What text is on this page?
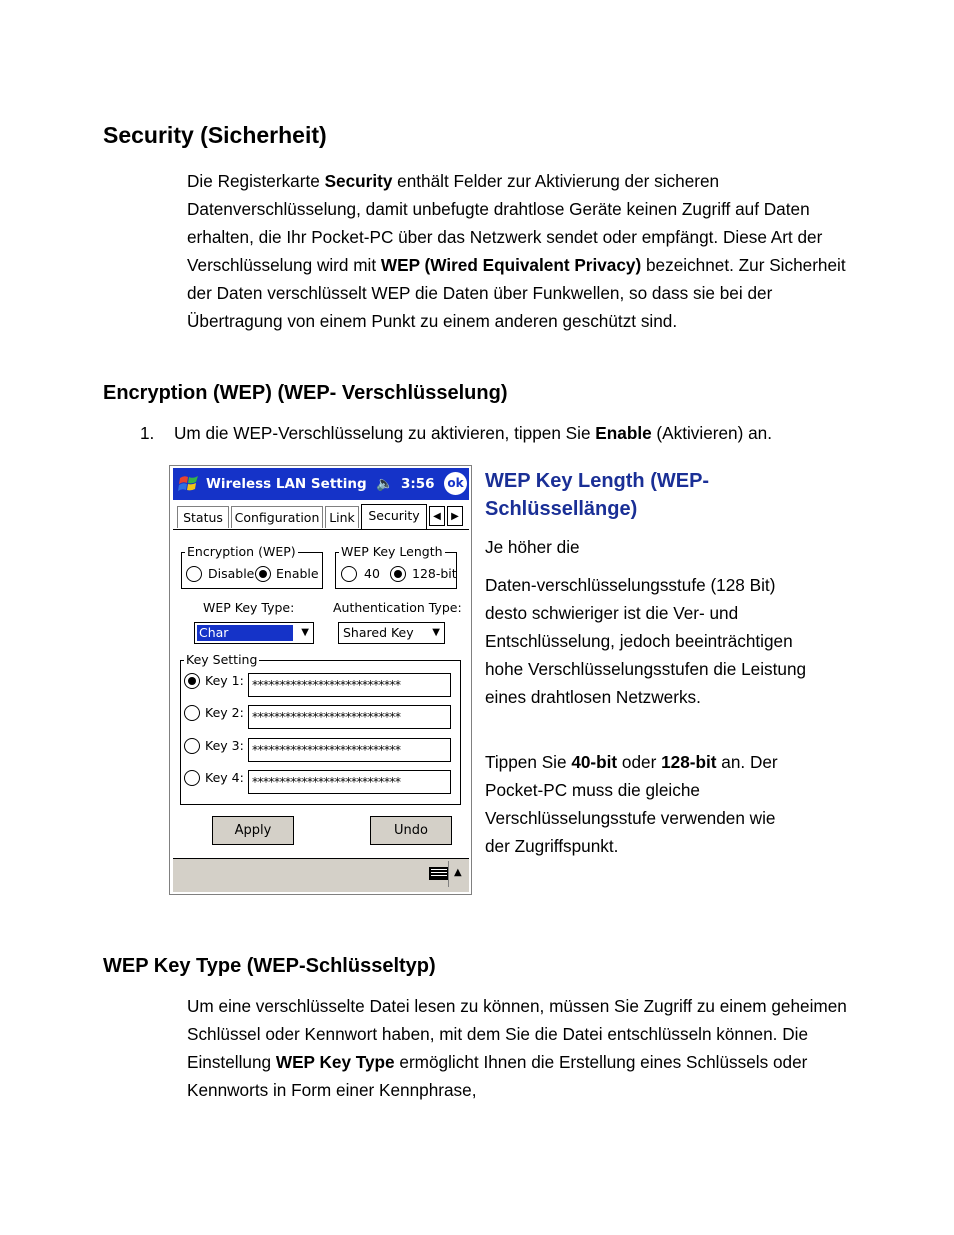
Security (Sicherheit)

Die Registerkarte Security enthält Felder zur Aktivierung der sicheren Datenverschlüsselung, damit unbefugte drahtlose Geräte keinen Zugriff auf Daten erhalten, die Ihr Pocket-PC über das Netzwerk sendet oder empfängt. Diese Art der Verschlüsselung wird mit WEP (Wired Equivalent Privacy) bezeichnet. Zur Sicherheit der Daten verschlüsselt WEP die Daten über Funkwellen, so dass sie bei der Übertragung von einem Punkt zu einem anderen geschützt sind.

Encryption (WEP) (WEP- Verschlüsselung)
1. Um die WEP-Verschlüsselung zu aktivieren, tippen Sie Enable (Aktivieren) an.
Wireless LAN Setting 🔈 3:56 ok
Status Configuration Link	Security	◀	▶
Encryption (WEP)
Disable Enable
WEP Key Length
40	128-bit
WEP Key Type:
Char	▼
Authentication Type:
Shared Key ▼
Key Setting
Key 1: ***************************
Key 2: ***************************
Key 3: ***************************
Key 4: ***************************
Apply	Undo
▲
WEP Key Length (WEP-Schlüssellänge)

Je höher die

Daten-verschlüsselungsstufe (128 Bit) desto schwieriger ist die Ver- und Entschlüsselung, jedoch beeinträchtigen hohe Verschlüsselungsstufen die Leistung eines drahtlosen Netzwerks.

Tippen Sie 40-bit oder 128-bit an. Der Pocket-PC muss die gleiche Verschlüsselungsstufe verwenden wie der Zugriffspunkt.

WEP Key Type (WEP-Schlüsseltyp)

Um eine verschlüsselte Datei lesen zu können, müssen Sie Zugriff zu einem geheimen Schlüssel oder Kennwort haben, mit dem Sie die Datei entschlüsseln können. Die Einstellung WEP Key Type ermöglicht Ihnen die Erstellung eines Schlüssels oder Kennworts in Form einer Kennphrase,
